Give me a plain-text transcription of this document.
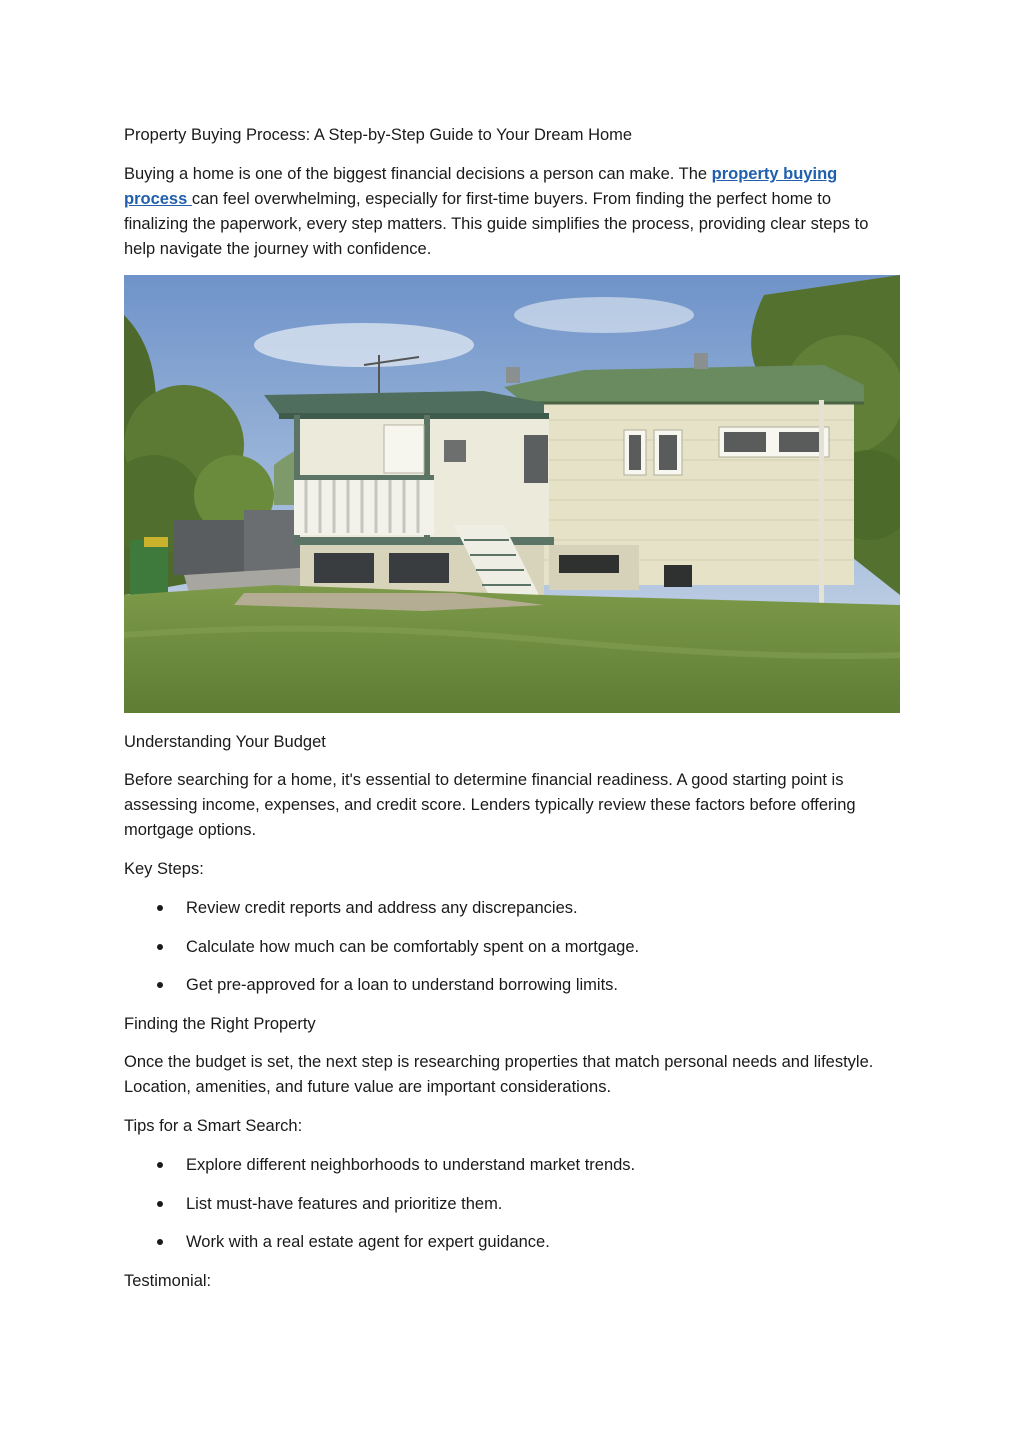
Property Buying Process: A Step-by-Step Guide to Your Dream Home

Buying a home is one of the biggest financial decisions a person can make. The property buying process can feel overwhelming, especially for first-time buyers. From finding the perfect home to finalizing the paperwork, every step matters. This guide simplifies the process, providing clear steps to help navigate the journey with confidence.

Understanding Your Budget

Before searching for a home, it's essential to determine financial readiness. A good starting point is assessing income, expenses, and credit score. Lenders typically review these factors before offering mortgage options.

Key Steps:

Review credit reports and address any discrepancies.
Calculate how much can be comfortably spent on a mortgage.
Get pre-approved for a loan to understand borrowing limits.

Finding the Right Property

Once the budget is set, the next step is researching properties that match personal needs and lifestyle. Location, amenities, and future value are important considerations.

Tips for a Smart Search:

Explore different neighborhoods to understand market trends.
List must-have features and prioritize them.
Work with a real estate agent for expert guidance.

Testimonial:
